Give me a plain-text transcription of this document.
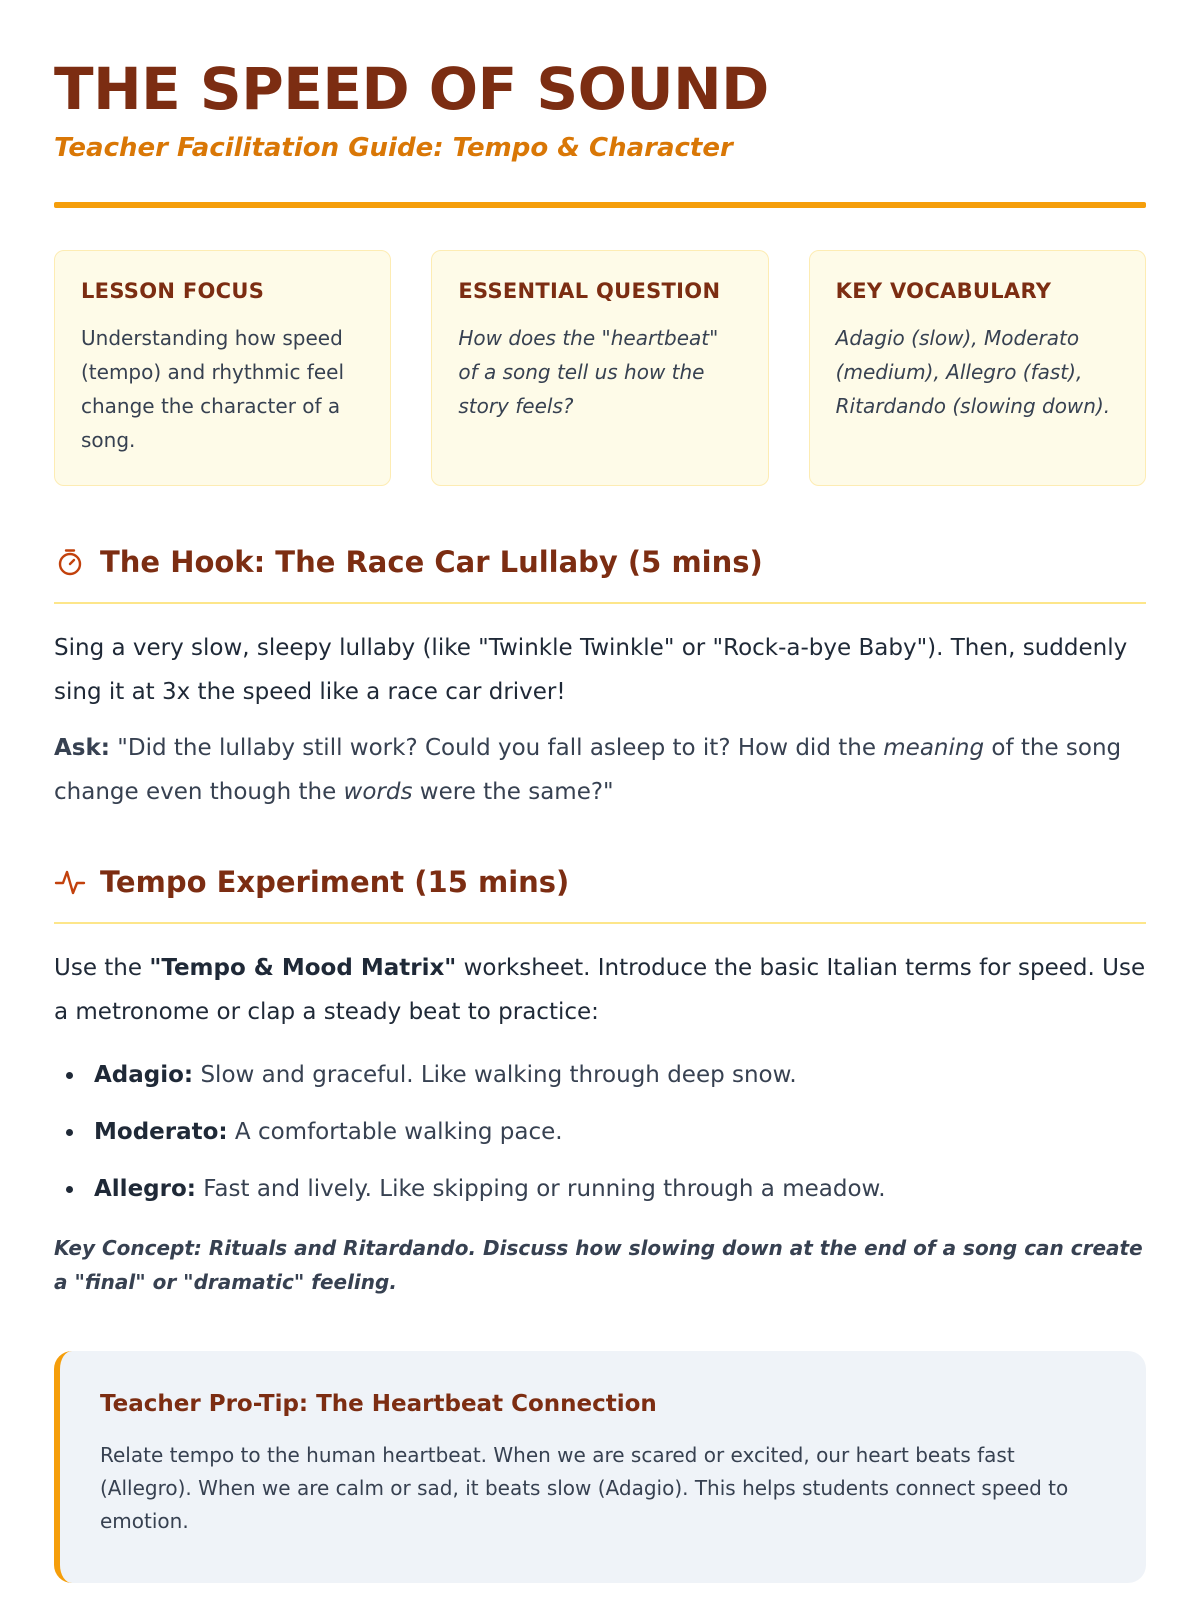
THE SPEED OF SOUND
Teacher Facilitation Guide: Tempo & Character
LESSON FOCUS

Understanding how speed (tempo) and rhythmic feel change the character of a song.

ESSENTIAL QUESTION

How does the "heartbeat" of a song tell us how the story feels?

KEY VOCABULARY

Adagio (slow), Moderato (medium), Allegro (fast), Ritardando (slowing down).

The Hook: The Race Car Lullaby (5 mins)

Sing a very slow, sleepy lullaby (like "Twinkle Twinkle" or "Rock-a-bye Baby"). Then, suddenly sing it at 3x the speed like a race car driver!

Ask: "Did the lullaby still work? Could you fall asleep to it? How did the meaning of the song change even though the words were the same?"

Tempo Experiment (15 mins)

Use the "Tempo & Mood Matrix" worksheet. Introduce the basic Italian terms for speed. Use a metronome or clap a steady beat to practice:

Adagio: Slow and graceful. Like walking through deep snow.
Moderato: A comfortable walking pace.
Allegro: Fast and lively. Like skipping or running through a meadow.

Key Concept: Rituals and Ritardando. Discuss how slowing down at the end of a song can create a "final" or "dramatic" feeling.

Teacher Pro-Tip: The Heartbeat Connection

Relate tempo to the human heartbeat. When we are scared or excited, our heart beats fast (Allegro). When we are calm or sad, it beats slow (Adagio). This helps students connect speed to emotion.
